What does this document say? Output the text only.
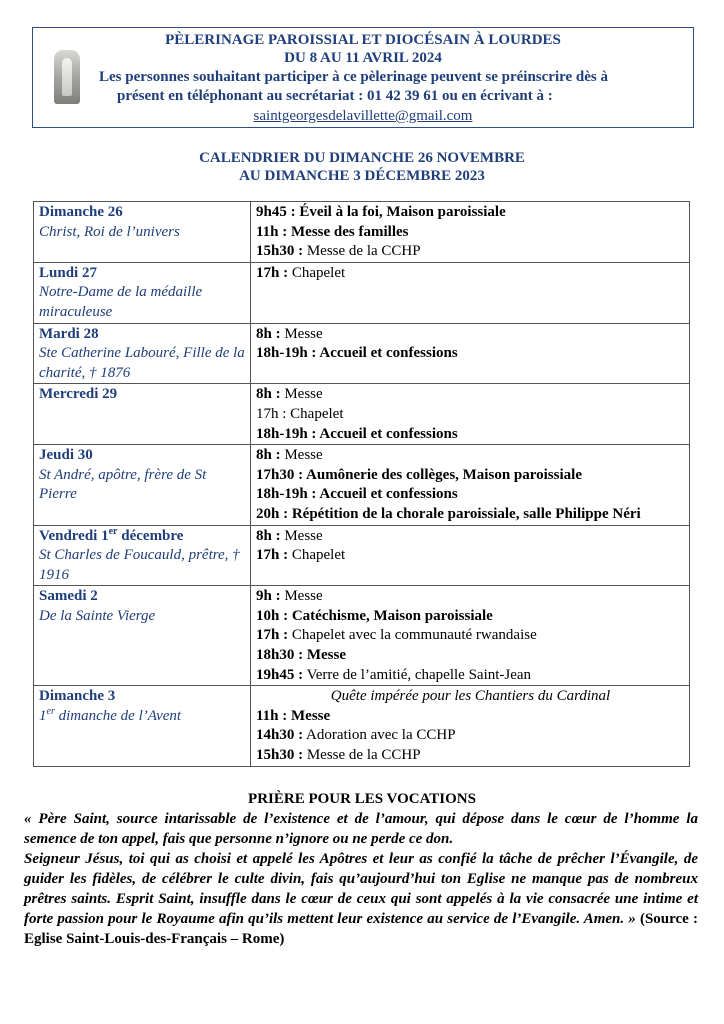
PÈLERINAGE PAROISSIAL ET DIOCÉSAIN À LOURDES
DU 8 AU 11 AVRIL 2024
Les personnes souhaitant participer à ce pèlerinage peuvent se préinscrire dès à
présent en téléphonant au secrétariat : 01 42 39 61 ou en écrivant à :
saintgeorgesdelavillette@gmail.com
CALENDRIER DU DIMANCHE 26 NOVEMBRE
AU DIMANCHE 3 DÉCEMBRE 2023
Dimanche 26
Christ, Roi de l’univers	9h45 : Éveil à la foi, Maison paroissiale
11h : Messe des familles
15h30 : Messe de la CCHP

Lundi 27
Notre-Dame de la médaille miraculeuse	17h : Chapelet

Mardi 28
Ste Catherine Labouré, Fille de la charité, † 1876	8h : Messe
18h-19h : Accueil et confessions

Mercredi 29	8h : Messe
17h : Chapelet
18h-19h : Accueil et confessions

Jeudi 30
St André, apôtre, frère de St Pierre	8h : Messe
17h30 : Aumônerie des collèges, Maison paroissiale
18h-19h : Accueil et confessions
20h : Répétition de la chorale paroissiale, salle Philippe Néri

Vendredi 1er décembre
St Charles de Foucauld, prêtre, † 1916	8h : Messe
17h : Chapelet

Samedi 2
De la Sainte Vierge	9h : Messe
10h : Catéchisme, Maison paroissiale
17h : Chapelet avec la communauté rwandaise
18h30 : Messe
19h45 : Verre de l’amitié, chapelle Saint-Jean

Dimanche 3
1er dimanche de l’Avent	Quête impérée pour les Chantiers du Cardinal
11h : Messe
14h30 : Adoration avec la CCHP
15h30 : Messe de la CCHP
PRIÈRE POUR LES VOCATIONS

« Père Saint, source intarissable de l’existence et de l’amour, qui dépose dans le cœur de l’homme la semence de ton appel, fais que personne n’ignore ou ne perde ce don.

Seigneur Jésus, toi qui as choisi et appelé les Apôtres et leur as confié la tâche de prêcher l’Évangile, de guider les fidèles, de célébrer le culte divin, fais qu’aujourd’hui ton Eglise ne manque pas de nombreux prêtres saints. Esprit Saint, insuffle dans le cœur de ceux qui sont appelés à la vie consacrée une intime et forte passion pour le Royaume afin qu’ils mettent leur existence au service de l’Evangile. Amen. » (Source : Eglise Saint-Louis-des-Français – Rome)
